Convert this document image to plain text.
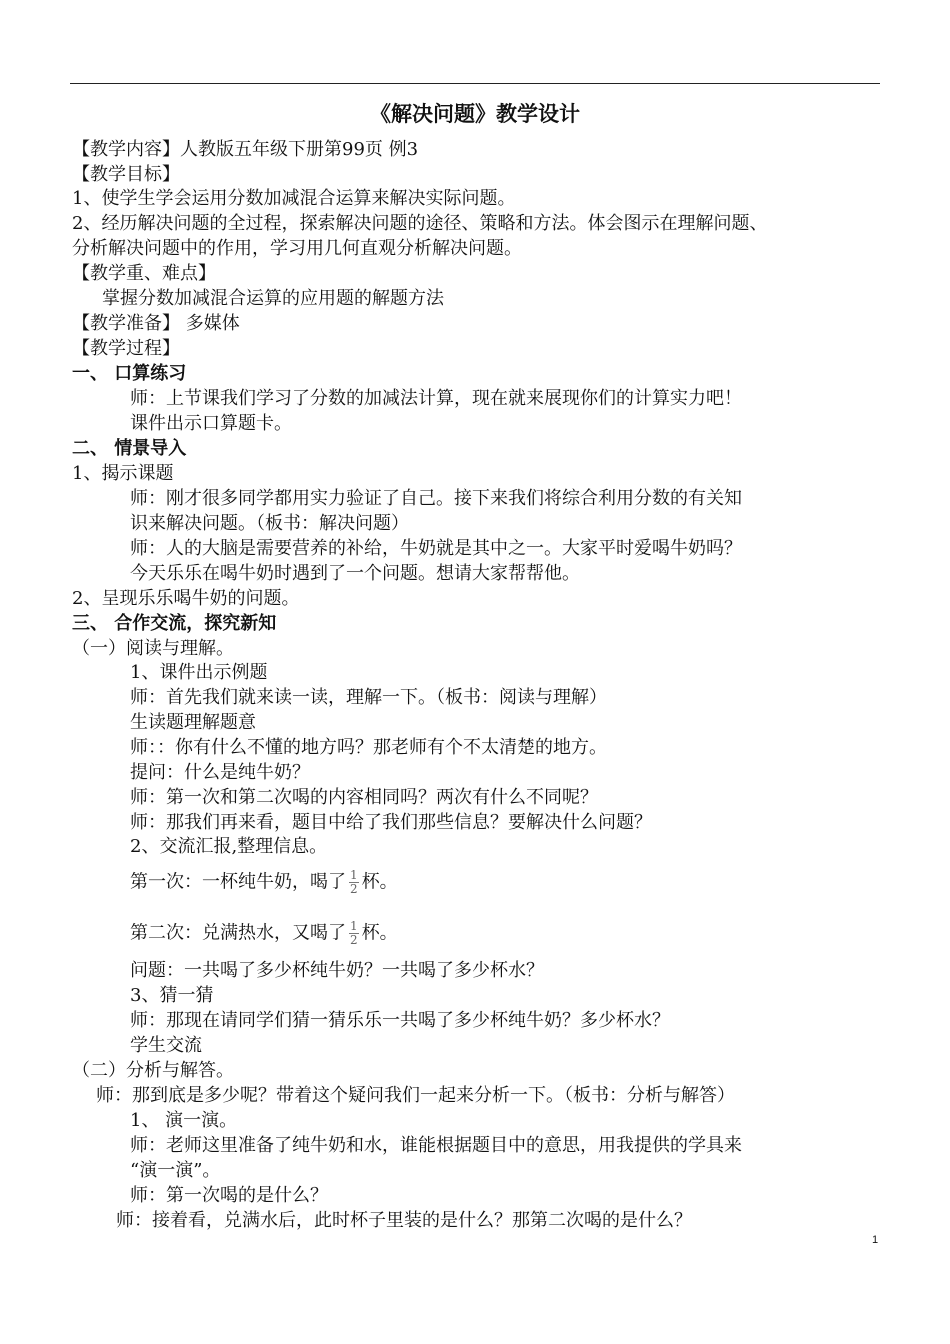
《解决问题》教学设计
【教学内容】人教版五年级下册第99页 例3
【教学目标】
1、使学生学会运用分数加减混合运算来解决实际问题。
2、经历解决问题的全过程，探索解决问题的途径、策略和方法。体会图示在理解问题、
分析解决问题中的作用，学习用几何直观分析解决问题。
【教学重、难点】
掌握分数加减混合运算的应用题的解题方法
【教学准备】 多媒体
【教学过程】
一、 口算练习
师：上节课我们学习了分数的加减法计算，现在就来展现你们的计算实力吧！
课件出示口算题卡。
二、 情景导入
1、揭示课题
师：刚才很多同学都用实力验证了自己。接下来我们将综合利用分数的有关知
识来解决问题。（板书：解决问题）
师：人的大脑是需要营养的补给，牛奶就是其中之一。大家平时爱喝牛奶吗？
今天乐乐在喝牛奶时遇到了一个问题。想请大家帮帮他。
2、呈现乐乐喝牛奶的问题。
三、 合作交流，探究新知
（一）阅读与理解。
1、课件出示例题
师：首先我们就来读一读，理解一下。（板书：阅读与理解）
生读题理解题意
师：：你有什么不懂的地方吗？那老师有个不太清楚的地方。
提问：什么是纯牛奶？
师：第一次和第二次喝的内容相同吗？两次有什么不同呢？
师：那我们再来看，题目中给了我们那些信息？要解决什么问题？
2、交流汇报,整理信息。
第一次：一杯纯牛奶，喝了 $\frac{1}{2}$ 杯。
第二次：兑满热水，又喝了 $\frac{1}{2}$ 杯。
问题：一共喝了多少杯纯牛奶？一共喝了多少杯水？
3、猜一猜
师：那现在请同学们猜一猜乐乐一共喝了多少杯纯牛奶？多少杯水？
学生交流
（二）分析与解答。
师：那到底是多少呢？带着这个疑问我们一起来分析一下。（板书：分析与解答）
1、 演一演。
师：老师这里准备了纯牛奶和水，谁能根据题目中的意思，用我提供的学具来
“演一演”。
师：第一次喝的是什么？
师：接着看，兑满水后，此时杯子里装的是什么？那第二次喝的是什么？
1
